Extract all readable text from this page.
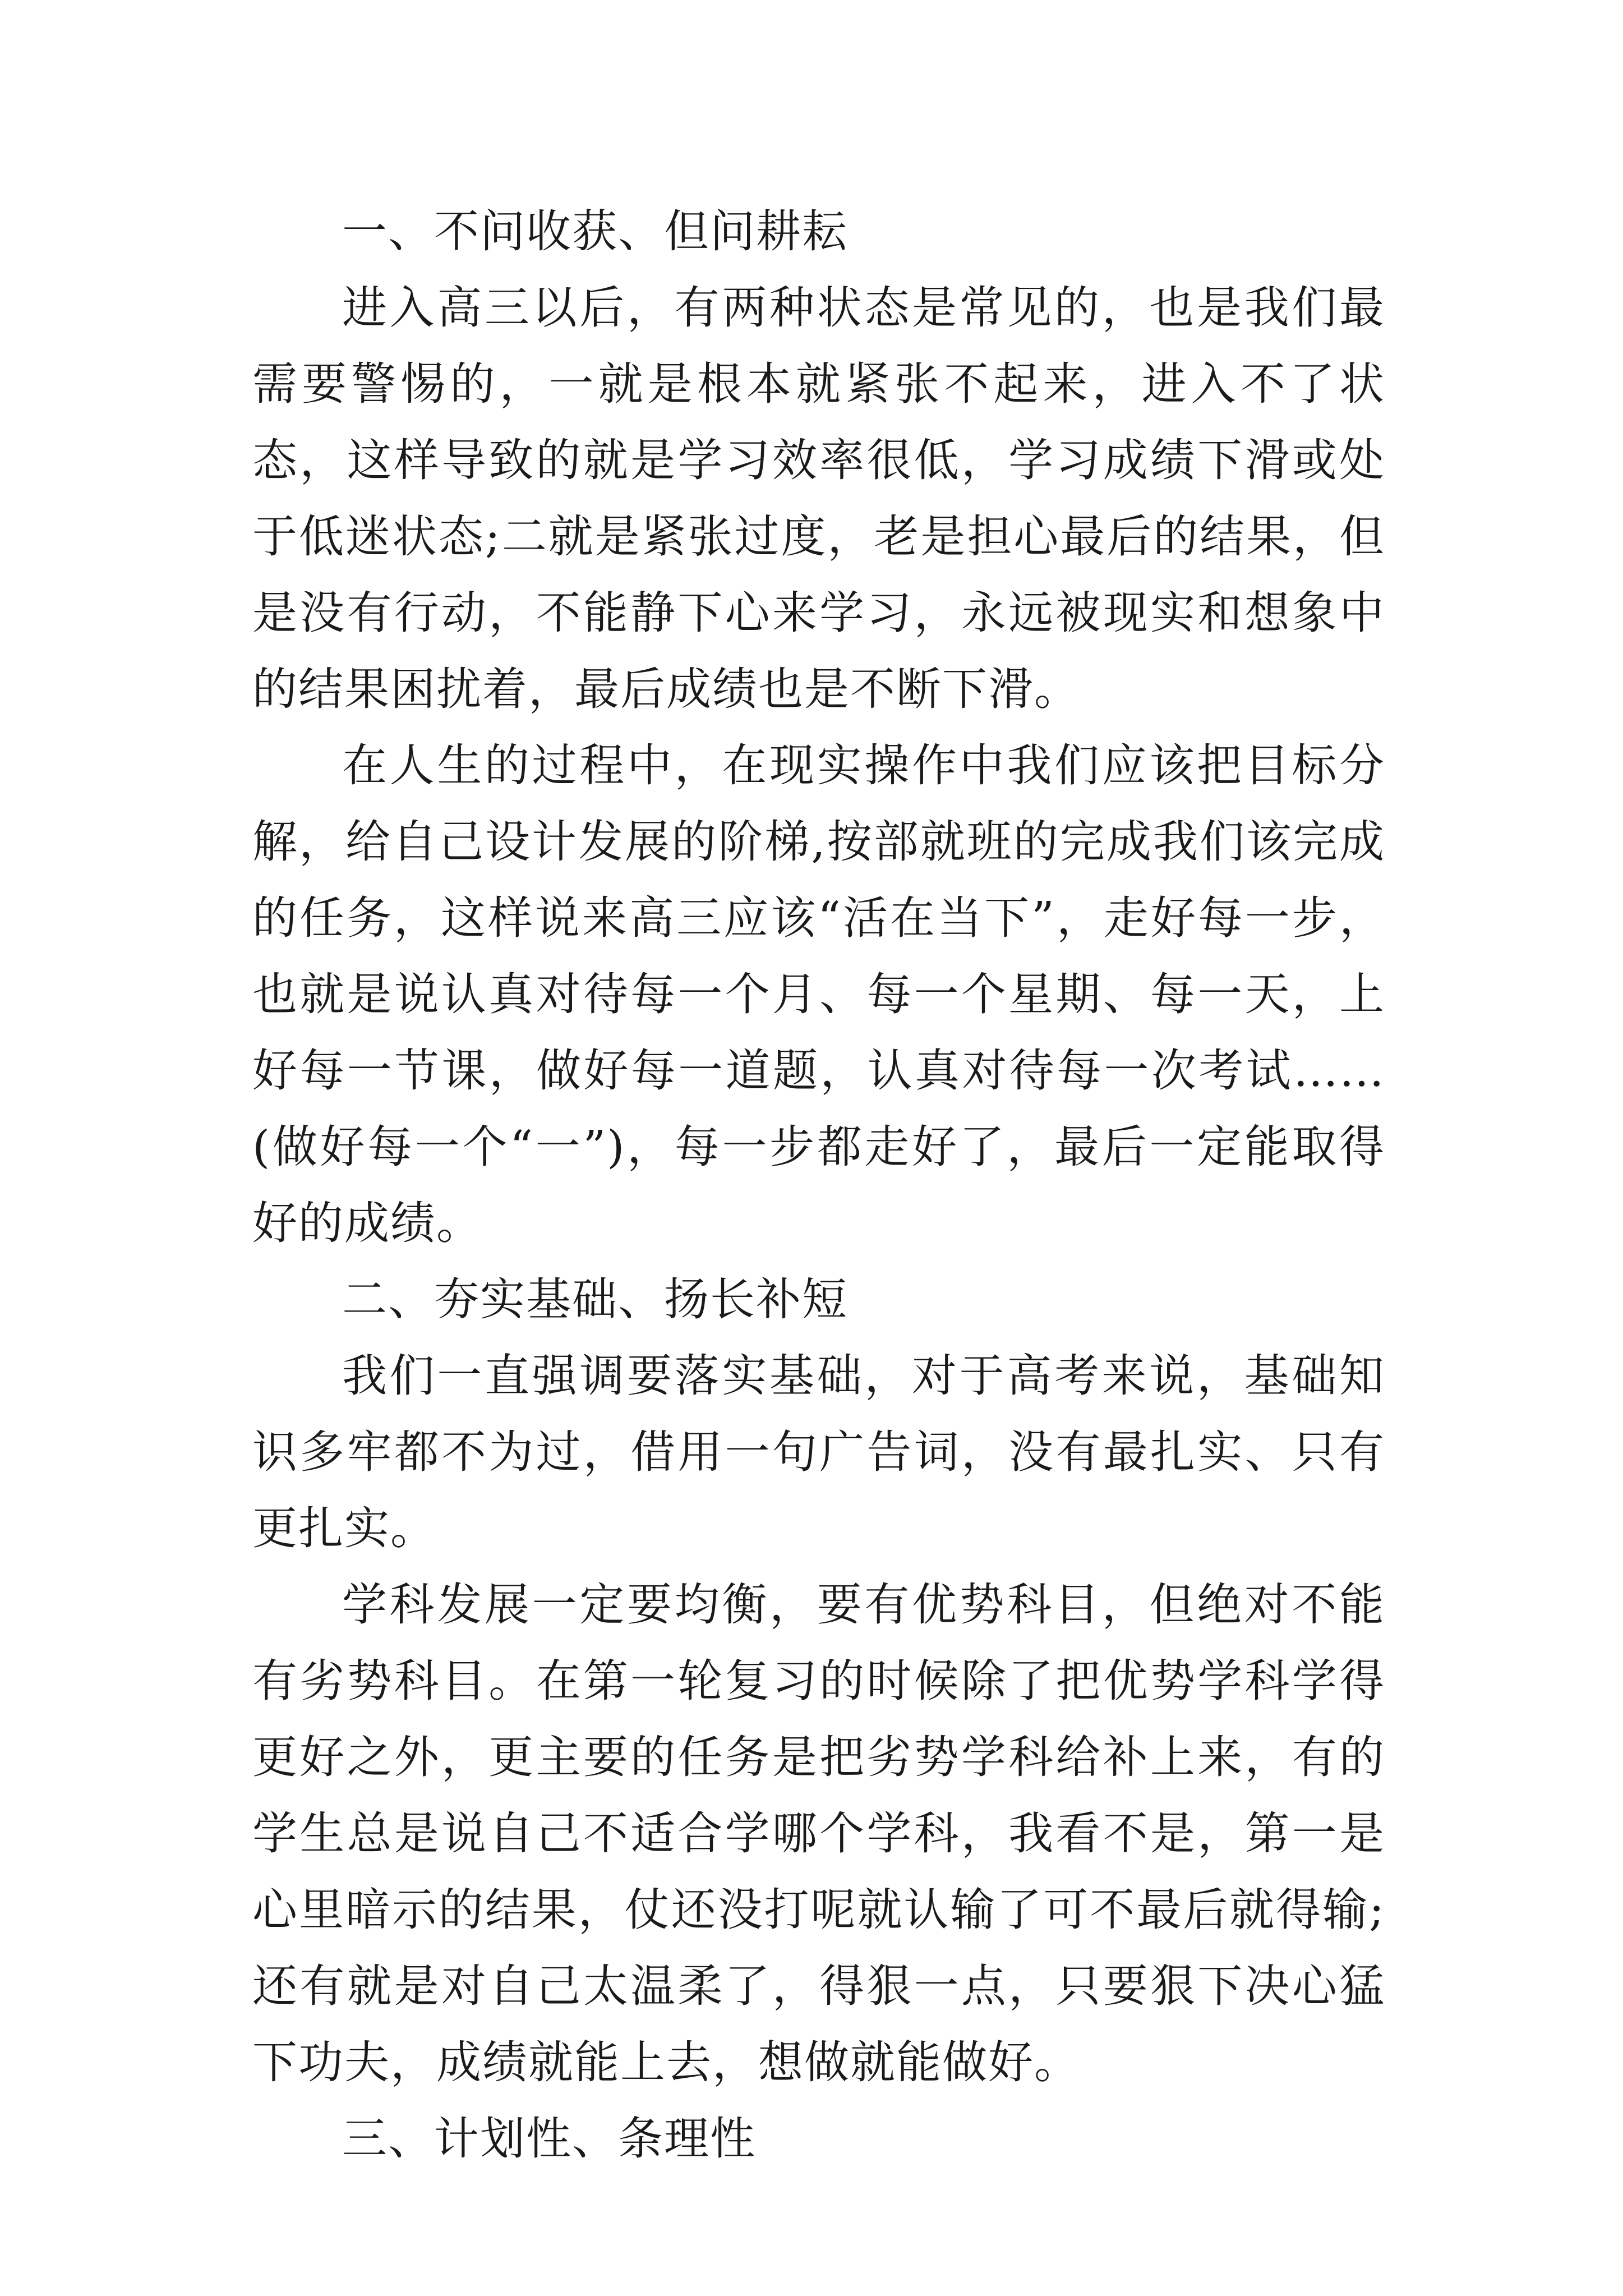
一、不问收获、但问耕耘

进入高三以后，有两种状态是常见的，也是我们最需要警惕的，一就是根本就紧张不起来，进入不了状态，这样导致的就是学习效率很低，学习成绩下滑或处于低迷状态;二就是紧张过度，老是担心最后的结果，但是没有行动，不能静下心来学习，永远被现实和想象中的结果困扰着，最后成绩也是不断下滑。

在人生的过程中，在现实操作中我们应该把目标分解，给自己设计发展的阶梯,按部就班的完成我们该完成的任务，这样说来高三应该“活在当下”，走好每一步，也就是说认真对待每一个月、每一个星期、每一天，上好每一节课，做好每一道题，认真对待每一次考试……(做好每一个“一”)，每一步都走好了，最后一定能取得好的成绩。

二、夯实基础、扬长补短

我们一直强调要落实基础，对于高考来说，基础知识多牢都不为过，借用一句广告词，没有最扎实、只有更扎实。

学科发展一定要均衡，要有优势科目，但绝对不能有劣势科目。在第一轮复习的时候除了把优势学科学得更好之外，更主要的任务是把劣势学科给补上来，有的学生总是说自己不适合学哪个学科，我看不是，第一是心里暗示的结果，仗还没打呢就认输了可不最后就得输;还有就是对自己太温柔了，得狠一点，只要狠下决心猛下功夫，成绩就能上去，想做就能做好。

三、计划性、条理性
